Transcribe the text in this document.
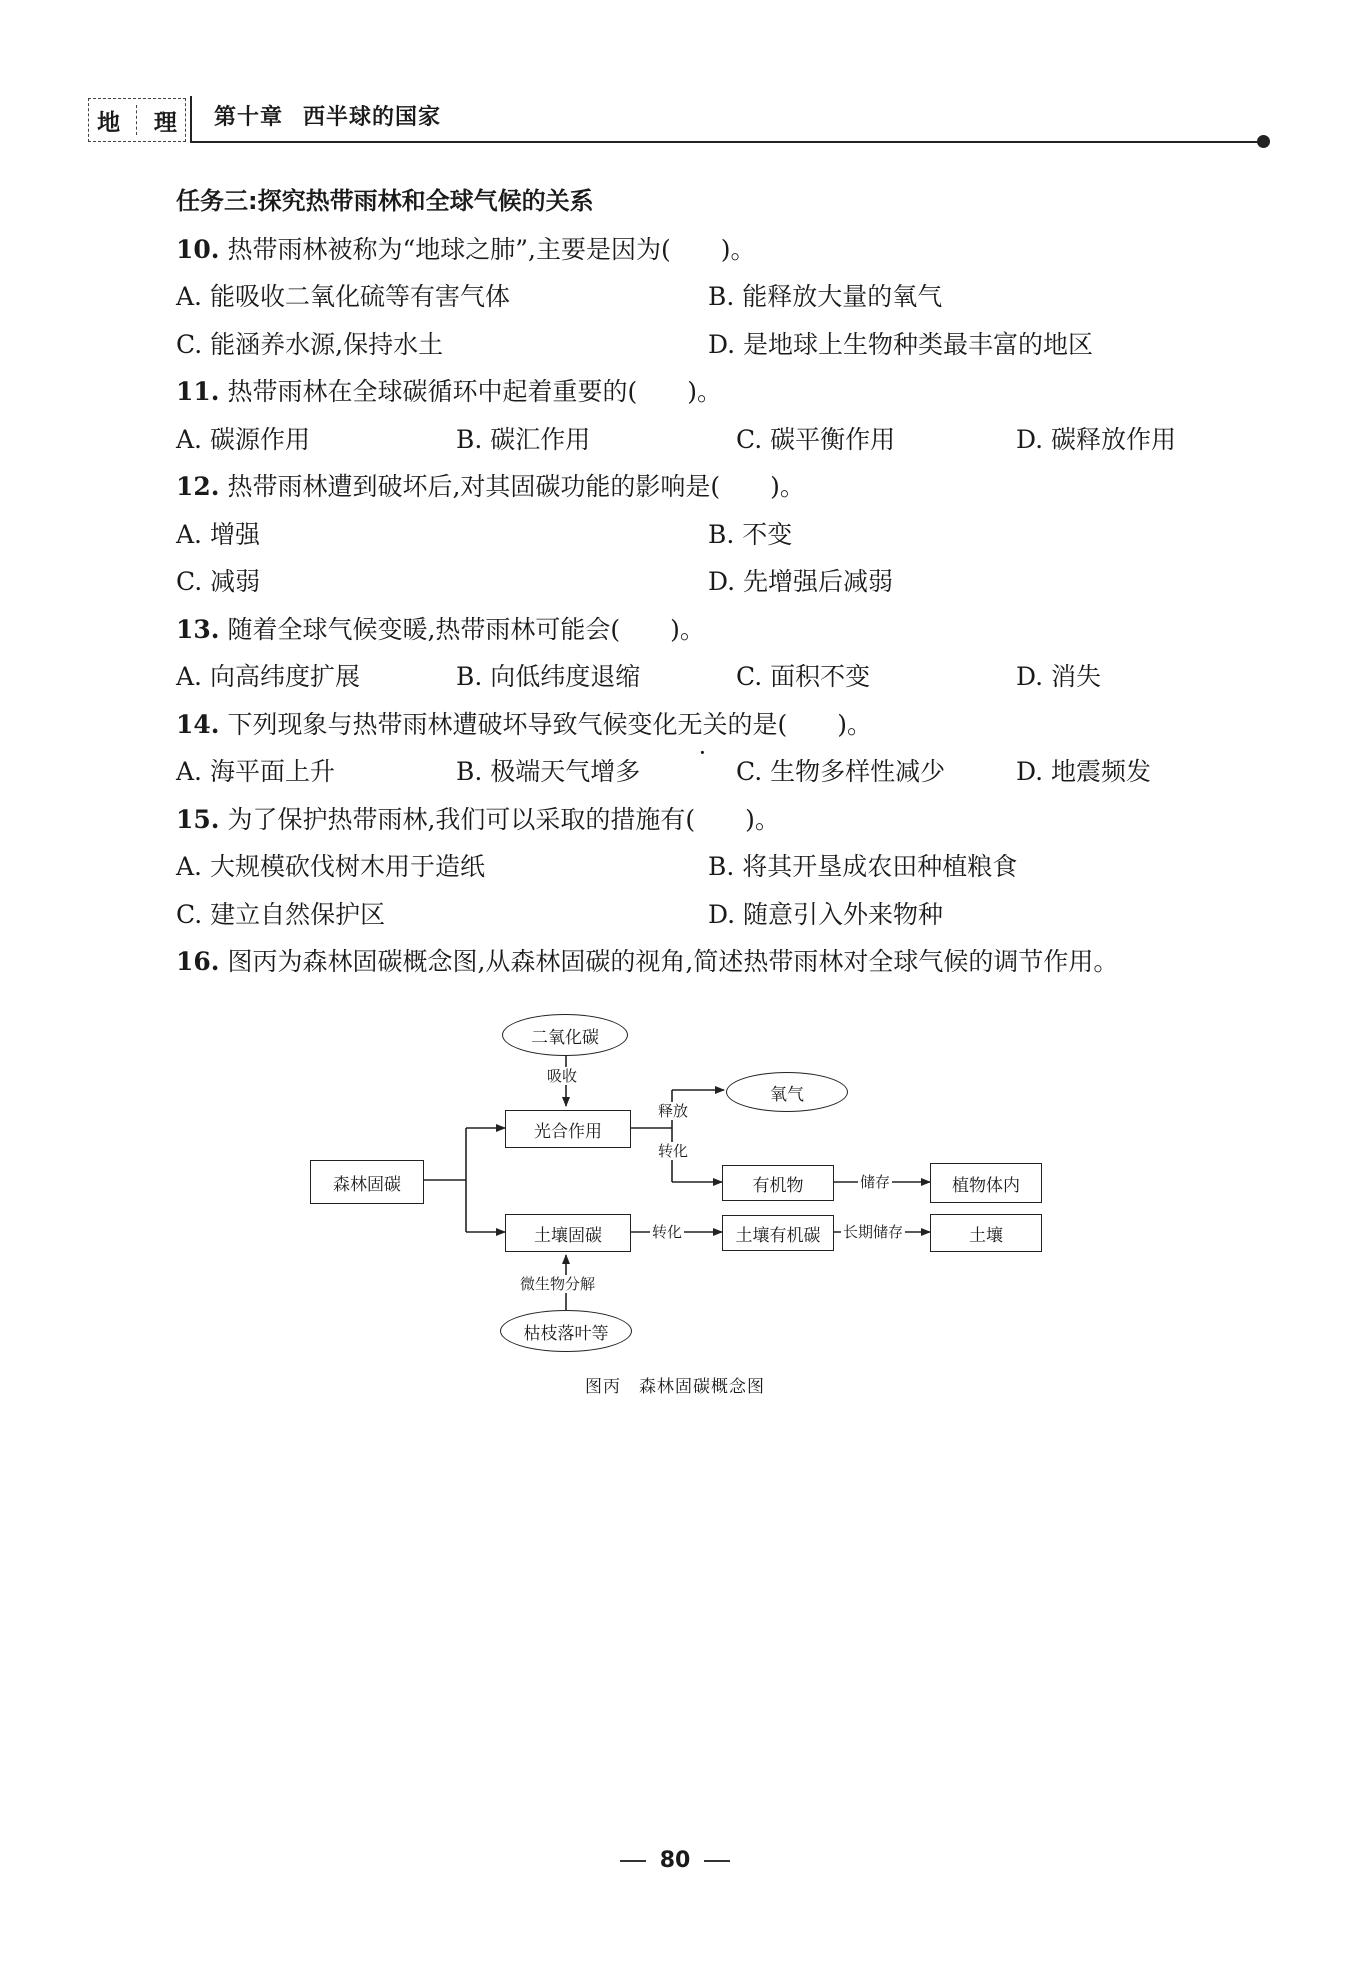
地 理 第十章 西半球的国家
任务三:探究热带雨林和全球气候的关系
10. 热带雨林被称为“地球之肺”,主要是因为(　　)。
A. 能吸收二氧化硫等有害气体	B. 能释放大量的氧气
C. 能涵养水源,保持水土	D. 是地球上生物种类最丰富的地区
11. 热带雨林在全球碳循环中起着重要的(　　)。
A. 碳源作用	B. 碳汇作用	C. 碳平衡作用	D. 碳释放作用
12. 热带雨林遭到破坏后,对其固碳功能的影响是(　　)。
A. 增强	B. 不变
C. 减弱	D. 先增强后减弱
13. 随着全球气候变暖,热带雨林可能会(　　)。
A. 向高纬度扩展	B. 向低纬度退缩	C. 面积不变	D. 消失
14. 下列现象与热带雨林遭破坏导致气候变化无关的是(　　)。
A. 海平面上升	B. 极端天气增多	C. 生物多样性减少	D. 地震频发
15. 为了保护热带雨林,我们可以采取的措施有(　　)。
A. 大规模砍伐树木用于造纸	B. 将其开垦成农田种植粮食
C. 建立自然保护区	D. 随意引入外来物种
16. 图丙为森林固碳概念图,从森林固碳的视角,简述热带雨林对全球气候的调节作用。
二氧化碳
光合作用
氧气
森林固碳	有机物	植物体内
土壤固碳	土壤有机碳	土壤
枯枝落叶等
吸收
释放
转化
储存
转化	长期储存
微生物分解
图丙 森林固碳概念图
80
